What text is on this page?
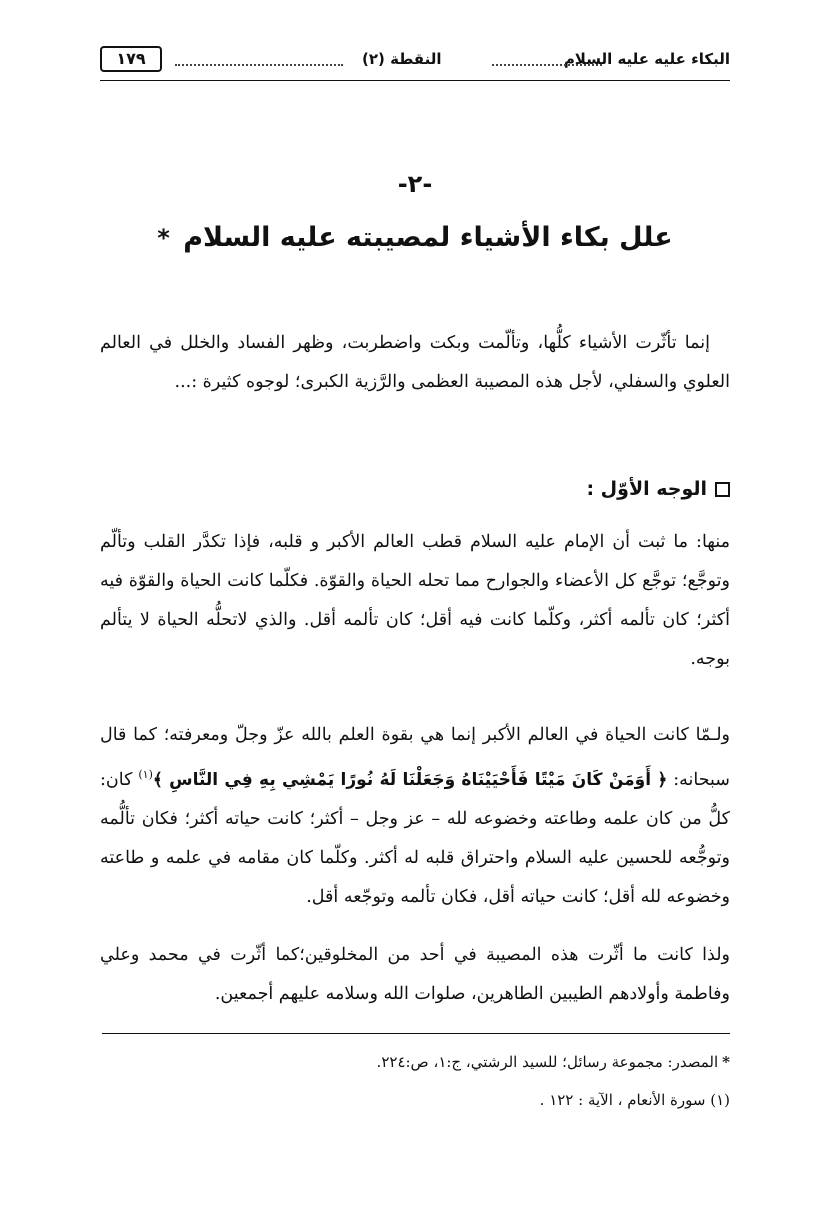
البكاء عليه عليه السلام
النقطة (٢)
١٧٩
-٢-
علل بكاء الأشياء لمصيبته عليه السلام *
إنما تأثّرت الأشياء كلُّها، وتألّمت وبكت واضطربت، وظهر الفساد والخلل في العالم العلوي والسفلي، لأجل هذه المصيبة العظمى والرَّزية الكبرى؛ لوجوه كثيرة :...
الوجه الأوّل :
منها: ما ثبت أن الإمام عليه السلام قطب العالم الأكبر و قلبه، فإذا تكدَّر القلب وتألّم وتوجَّع؛ توجَّع كل الأعضاء والجوارح مما تحله الحياة والقوّة. فكلّما كانت الحياة والقوّة فيه أكثر؛ كان تألمه أكثر، وكلّما كانت فيه أقل؛ كان تألمه أقل. والذي لاتحلُّه الحياة لا يتألم بوجه.
ولـمّا كانت الحياة في العالم الأكبر إنما هي بقوة العلم بالله عزّ وجلّ ومعرفته؛ كما قال سبحانه: ﴿ أَوَمَنْ كَانَ مَيْتًا فَأَحْيَيْنَاهُ وَجَعَلْنَا لَهُ نُورًا يَمْشِي بِهِ فِي النَّاسِ ﴾$^{(١)}$ كان: كلُّ من كان علمه وطاعته وخضوعه لله – عز وجل – أكثر؛ كانت حياته أكثر؛ فكان تألُّمه وتوجُّعه للحسين عليه السلام واحتراق قلبه له أكثر. وكلّما كان مقامه في علمه و طاعته وخضوعه لله أقل؛ كانت حياته أقل، فكان تألمه وتوجّعه أقل.
ولذا كانت ما أثّرت هذه المصيبة في أحد من المخلوقين؛كما أثّرت في محمد وعلي وفاطمة وأولادهم الطيبين الطاهرين، صلوات الله وسلامه عليهم أجمعين.
*المصدر: مجموعة رسائل؛ للسيد الرشتي، ج:١، ص:٢٢٤.
(١) سورة الأنعام ، الآية : ١٢٢ .
